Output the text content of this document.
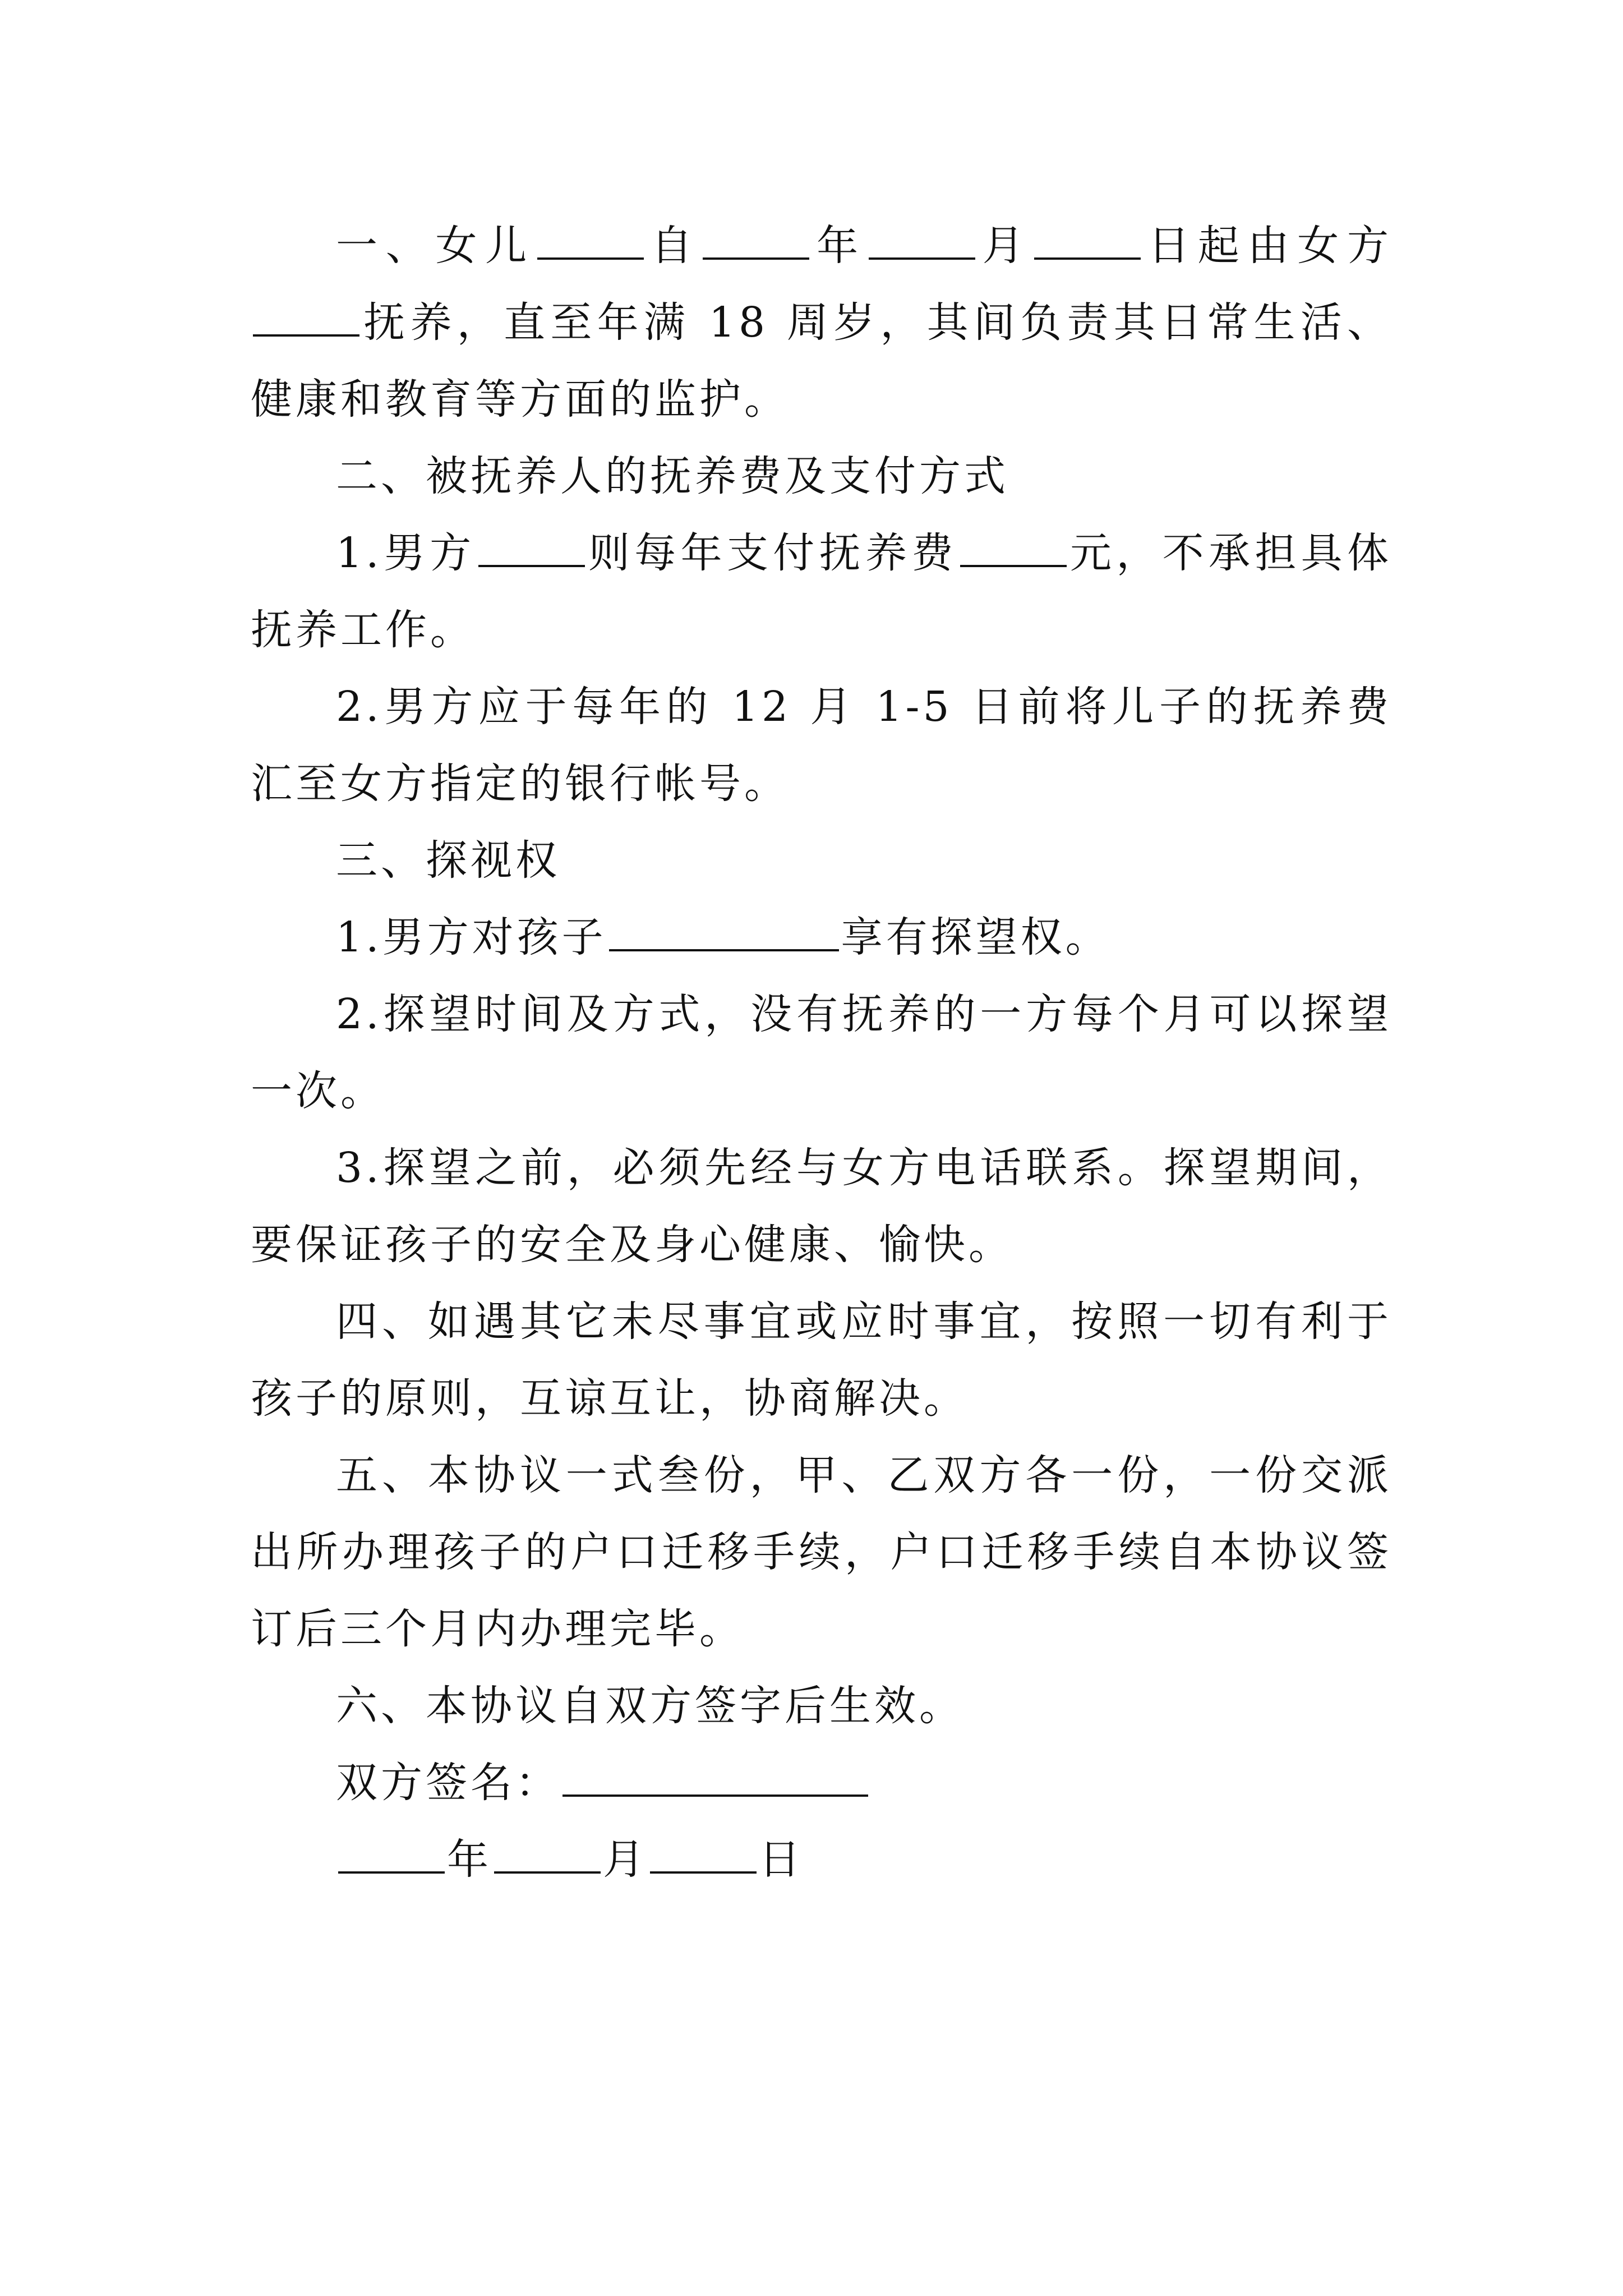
一、女儿	自	年	月	日起由女方抚养，直至年满 18 周岁，其间负责其日常生活、健康和教育等方面的监护。

二、被抚养人的抚养费及支付方式

1.男方	则每年支付抚养费	元，不承担具体抚养工作。

2.男方应于每年的 12 月 1-5 日前将儿子的抚养费汇至女方指定的银行帐号。

三、探视权

1.男方对孩子	享有探望权。

2.探望时间及方式，没有抚养的一方每个月可以探望一次。

3.探望之前，必须先经与女方电话联系。探望期间，要保证孩子的安全及身心健康、愉快。

四、如遇其它未尽事宜或应时事宜，按照一切有利于孩子的原则，互谅互让，协商解决。

五、本协议一式叁份，甲、乙双方各一份，一份交派出所办理孩子的户口迁移手续，户口迁移手续自本协议签订后三个月内办理完毕。

六、本协议自双方签字后生效。

双方签名：

年	月	日
